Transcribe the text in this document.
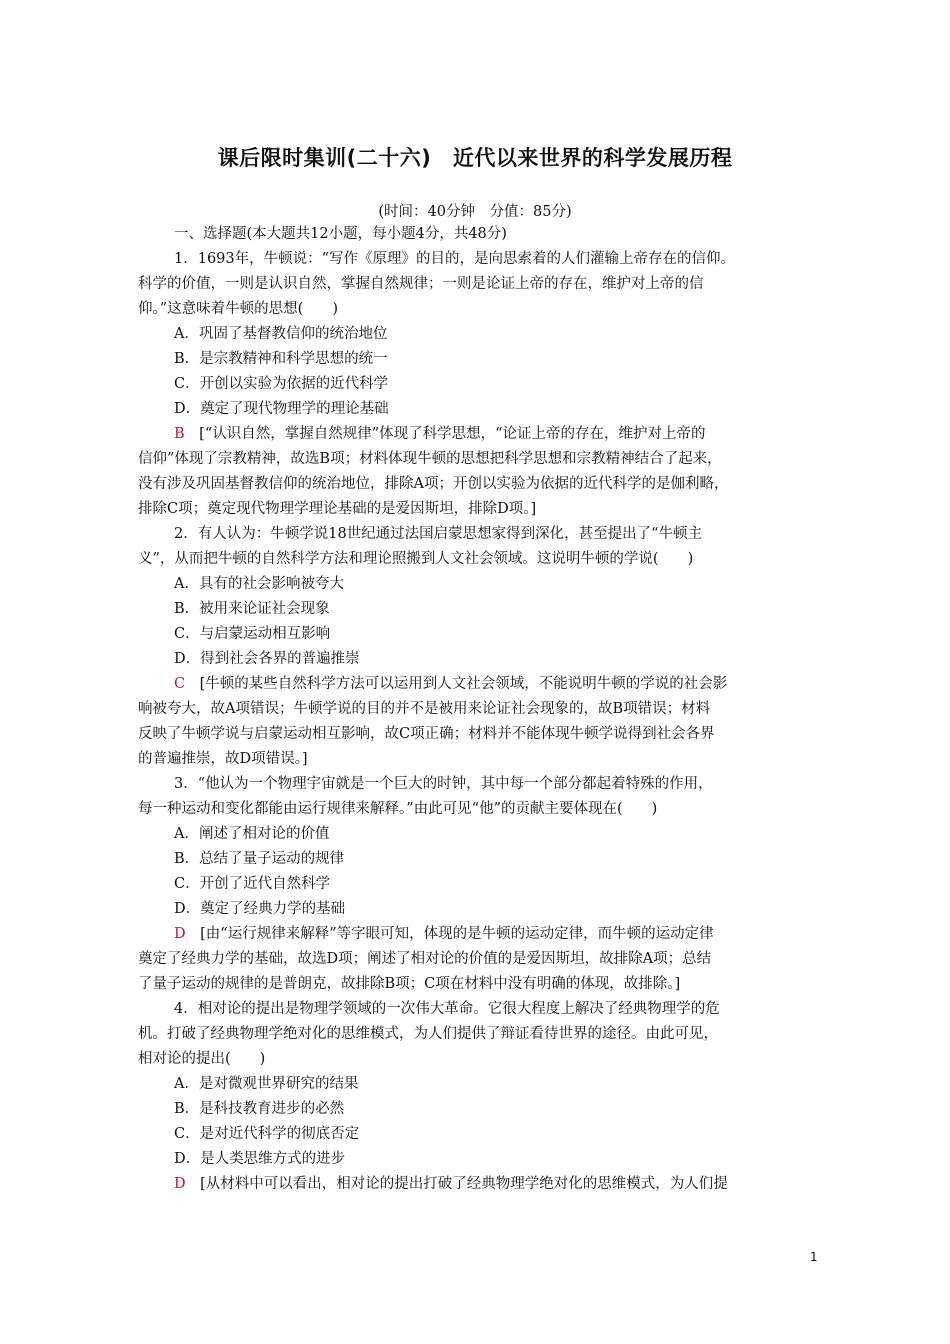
课后限时集训(二十六)　近代以来世界的科学发展历程
(时间：40分钟　分值：85分)
一、选择题(本大题共12小题，每小题4分，共48分)
1．1693年，牛顿说：“写作《原理》的目的，是向思索着的人们灌输上帝存在的信仰。
科学的价值，一则是认识自然，掌握自然规律；一则是论证上帝的存在，维护对上帝的信
仰。”这意味着牛顿的思想(　　)
A．巩固了基督教信仰的统治地位
B．是宗教精神和科学思想的统一
C．开创以实验为依据的近代科学
D．奠定了现代物理学的理论基础
B　[“认识自然，掌握自然规律”体现了科学思想，“论证上帝的存在，维护对上帝的
信仰”体现了宗教精神，故选B项；材料体现牛顿的思想把科学思想和宗教精神结合了起来，
没有涉及巩固基督教信仰的统治地位，排除A项；开创以实验为依据的近代科学的是伽利略，
排除C项；奠定现代物理学理论基础的是爱因斯坦，排除D项。]
2．有人认为：牛顿学说18世纪通过法国启蒙思想家得到深化，甚至提出了“牛顿主
义”，从而把牛顿的自然科学方法和理论照搬到人文社会领域。这说明牛顿的学说(　　)
A．具有的社会影响被夸大
B．被用来论证社会现象
C．与启蒙运动相互影响
D．得到社会各界的普遍推崇
C　[牛顿的某些自然科学方法可以运用到人文社会领域，不能说明牛顿的学说的社会影
响被夸大，故A项错误；牛顿学说的目的并不是被用来论证社会现象的，故B项错误；材料
反映了牛顿学说与启蒙运动相互影响，故C项正确；材料并不能体现牛顿学说得到社会各界
的普遍推崇，故D项错误。]
3．“他认为一个物理宇宙就是一个巨大的时钟，其中每一个部分都起着特殊的作用，
每一种运动和变化都能由运行规律来解释。”由此可见“他”的贡献主要体现在(　　)
A．阐述了相对论的价值
B．总结了量子运动的规律
C．开创了近代自然科学
D．奠定了经典力学的基础
D　[由“运行规律来解释”等字眼可知，体现的是牛顿的运动定律，而牛顿的运动定律
奠定了经典力学的基础，故选D项；阐述了相对论的价值的是爱因斯坦，故排除A项；总结
了量子运动的规律的是普朗克，故排除B项；C项在材料中没有明确的体现，故排除。]
4．相对论的提出是物理学领域的一次伟大革命。它很大程度上解决了经典物理学的危
机。打破了经典物理学绝对化的思维模式，为人们提供了辩证看待世界的途径。由此可见，
相对论的提出(　　)
A．是对微观世界研究的结果
B．是科技教育进步的必然
C．是对近代科学的彻底否定
D．是人类思维方式的进步
D　[从材料中可以看出，相对论的提出打破了经典物理学绝对化的思维模式，为人们提
1
